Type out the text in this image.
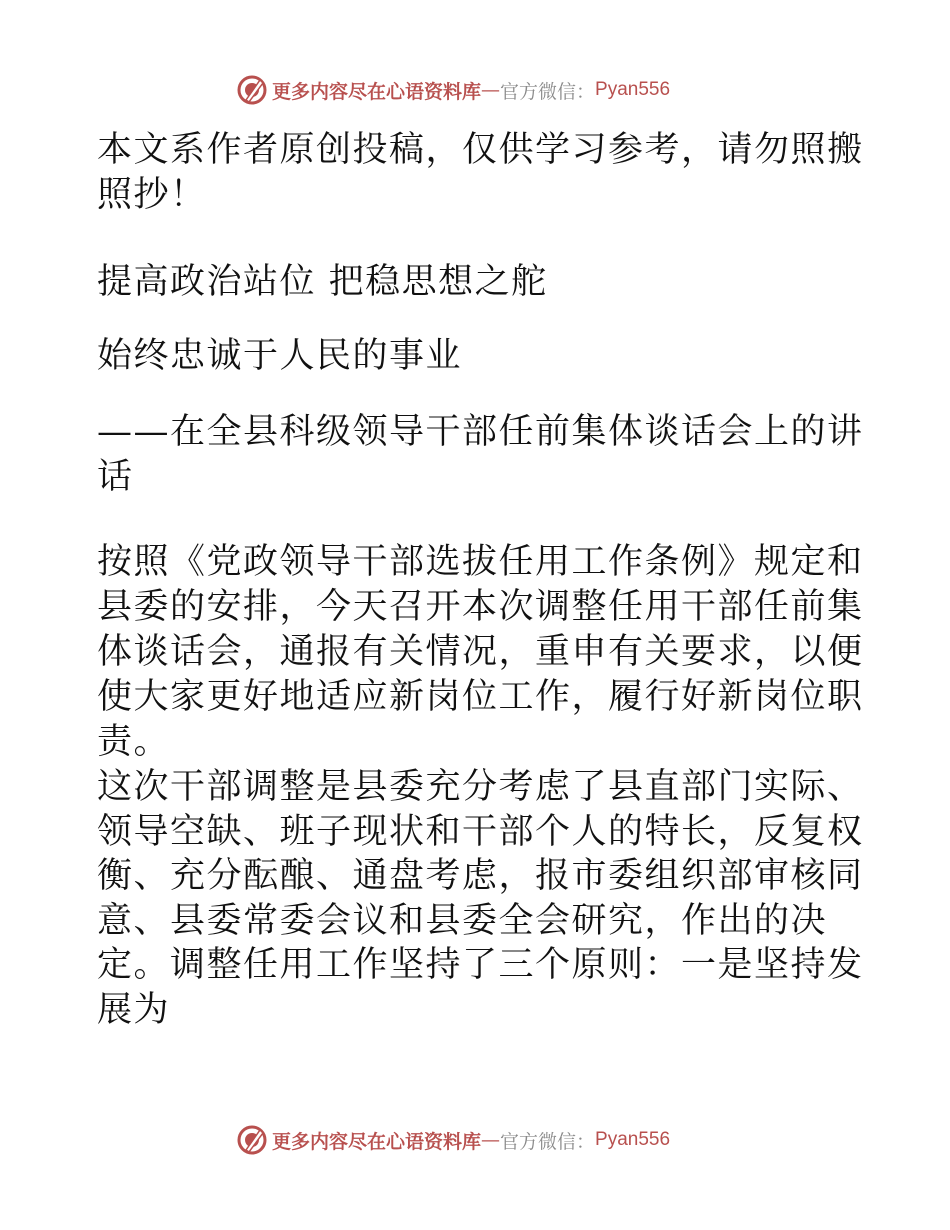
更多内容尽在心语资料库 — 官方微信： Pyan556

本文系作者原创投稿，仅供学习参考，请勿照搬照抄！

提高政治站位 把稳思想之舵

始终忠诚于人民的事业

——在全县科级领导干部任前集体谈话会上的讲话

按照《党政领导干部选拔任用工作条例》规定和县委的安排，今天召开本次调整任用干部任前集体谈话会，通报有关情况，重申有关要求，以便使大家更好地适应新岗位工作，履行好新岗位职责。

这次干部调整是县委充分考虑了县直部门实际、领导空缺、班子现状和干部个人的特长，反复权衡、充分酝酿、通盘考虑，报市委组织部审核同意、县委常委会议和县委全会研究，作出的决定。调整任用工作坚持了三个原则：一是坚持发展为

更多内容尽在心语资料库 — 官方微信： Pyan556
